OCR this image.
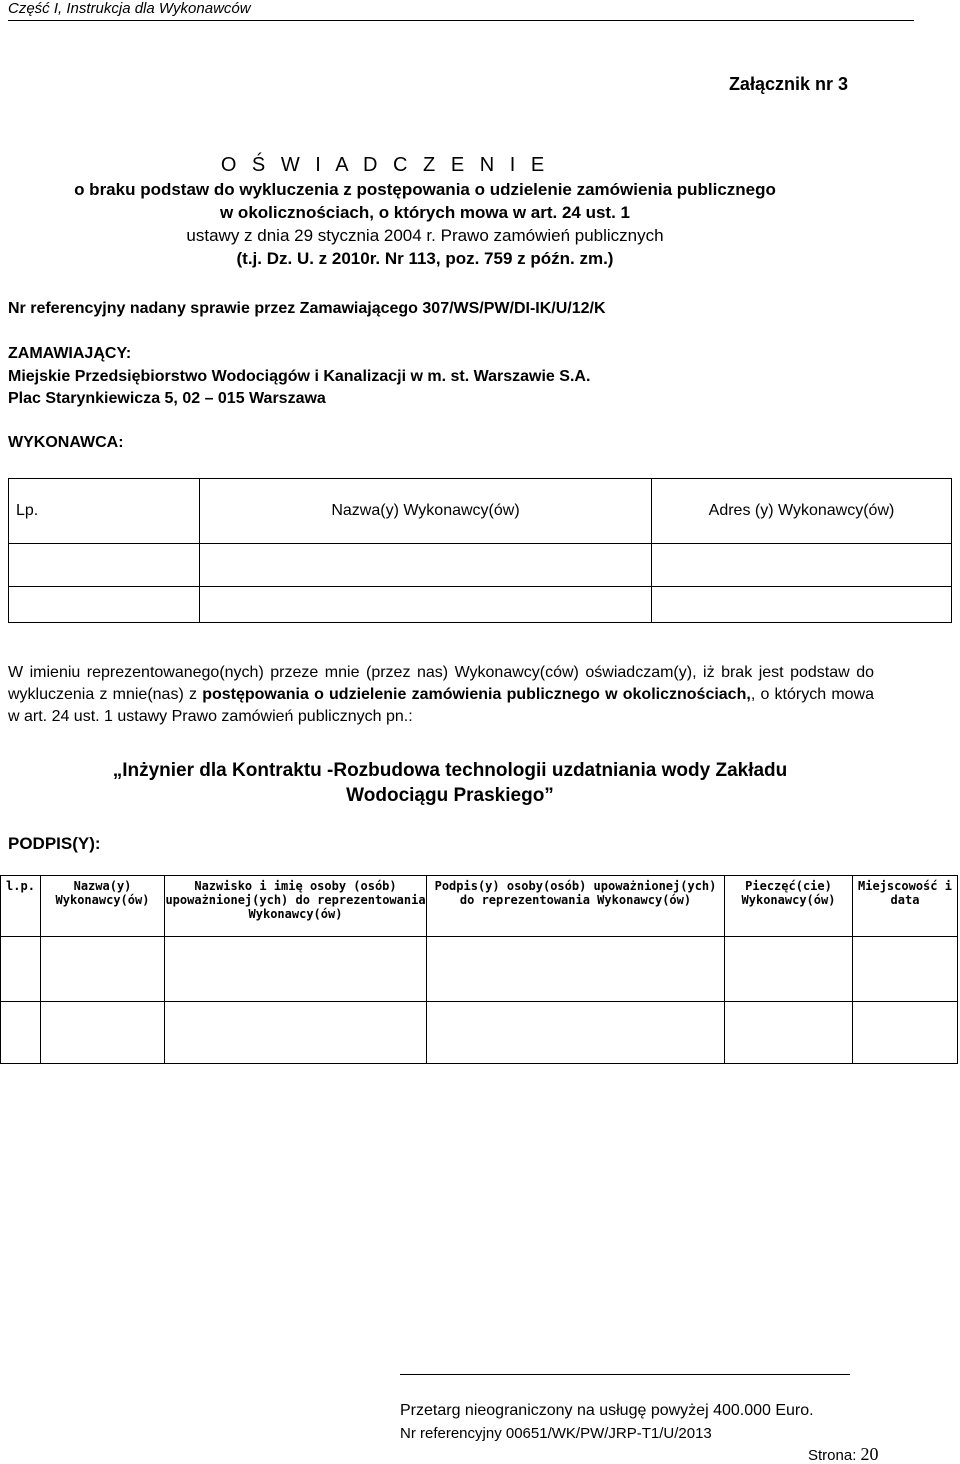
Część I, Instrukcja dla Wykonawców
Załącznik nr 3
O Ś W I A D C Z E N I E
o braku podstaw do wykluczenia z postępowania o udzielenie zamówienia publicznego
w okolicznościach, o których mowa w art. 24 ust. 1
ustawy z dnia 29 stycznia 2004 r. Prawo zamówień publicznych
(t.j. Dz. U. z 2010r. Nr 113, poz. 759 z późn. zm.)
Nr referencyjny nadany sprawie przez Zamawiającego 307/WS/PW/DI-IK/U/12/K
ZAMAWIAJĄCY:
Miejskie Przedsiębiorstwo Wodociągów i Kanalizacji w m. st. Warszawie S.A.
Plac Starynkiewicza 5, 02 – 015 Warszawa
WYKONAWCA:
Lp.	Nazwa(y) Wykonawcy(ów)	Adres (y) Wykonawcy(ów)

W imieniu reprezentowanego(nych) przeze mnie (przez nas) Wykonawcy(ców) oświadczam(y), iż brak jest podstaw do wykluczenia z mnie(nas) z postępowania o udzielenie zamówienia publicznego w okolicznościach,, o których mowa w art. 24 ust. 1 ustawy Prawo zamówień publicznych pn.:
„Inżynier dla Kontraktu -Rozbudowa technologii uzdatniania wody Zakładu
Wodociągu Praskiego”
PODPIS(Y):
l.p.	Nazwa(y) Wykonawcy(ów)	Nazwisko i imię osoby (osób) upoważnionej(ych) do reprezentowania Wykonawcy(ów)	Podpis(y) osoby(osób) upoważnionej(ych) do reprezentowania Wykonawcy(ów)	Pieczęć(cie) Wykonawcy(ów)	Miejscowość i data

Przetarg nieograniczony na usługę powyżej 400.000 Euro.
Nr referencyjny 00651/WK/PW/JRP-T1/U/2013
Strona: 20
